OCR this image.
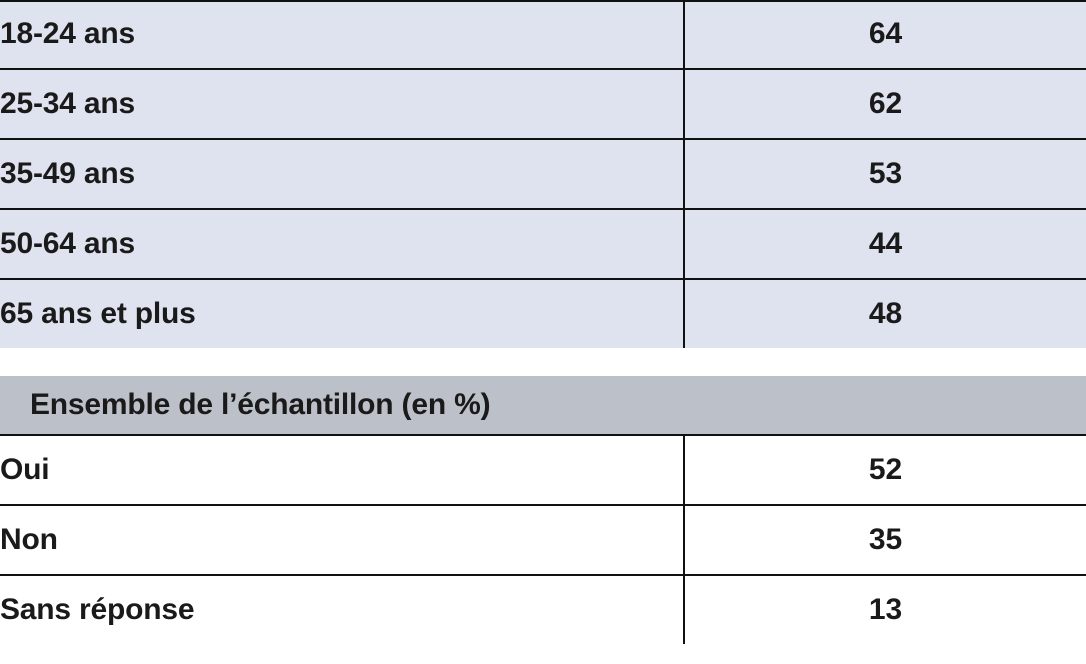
18-24 ans	64
25-34 ans	62
35-49 ans	53
50-64 ans	44
65 ans et plus	48
Ensemble de l’échantillon (en %)
Oui	52
Non	35
Sans réponse	13
